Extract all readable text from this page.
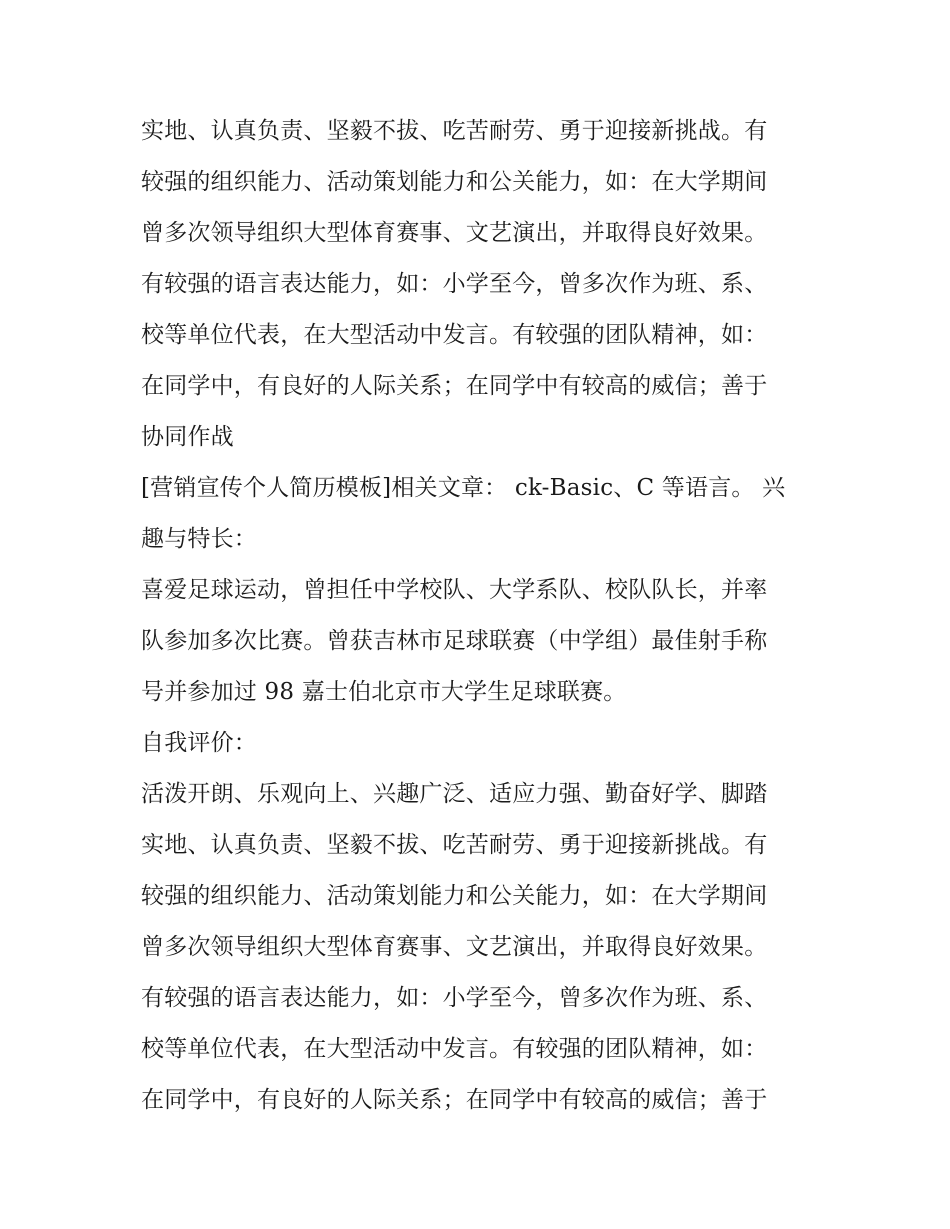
实地、认真负责、坚毅不拔、吃苦耐劳、勇于迎接新挑战。有
较强的组织能力、活动策划能力和公关能力，如：在大学期间
曾多次领导组织大型体育赛事、文艺演出，并取得良好效果。
有较强的语言表达能力，如：小学至今，曾多次作为班、系、
校等单位代表，在大型活动中发言。有较强的团队精神，如：
在同学中，有良好的人际关系；在同学中有较高的威信；善于
协同作战
[营销宣传个人简历模板]相关文章： ck-Basic、C 等语言。 兴
趣与特长：
喜爱足球运动，曾担任中学校队、大学系队、校队队长，并率
队参加多次比赛。曾获吉林市足球联赛（中学组）最佳射手称
号并参加过 98 嘉士伯北京市大学生足球联赛。
自我评价：
活泼开朗、乐观向上、兴趣广泛、适应力强、勤奋好学、脚踏
实地、认真负责、坚毅不拔、吃苦耐劳、勇于迎接新挑战。有
较强的组织能力、活动策划能力和公关能力，如：在大学期间
曾多次领导组织大型体育赛事、文艺演出，并取得良好效果。
有较强的语言表达能力，如：小学至今，曾多次作为班、系、
校等单位代表，在大型活动中发言。有较强的团队精神，如：
在同学中，有良好的人际关系；在同学中有较高的威信；善于
